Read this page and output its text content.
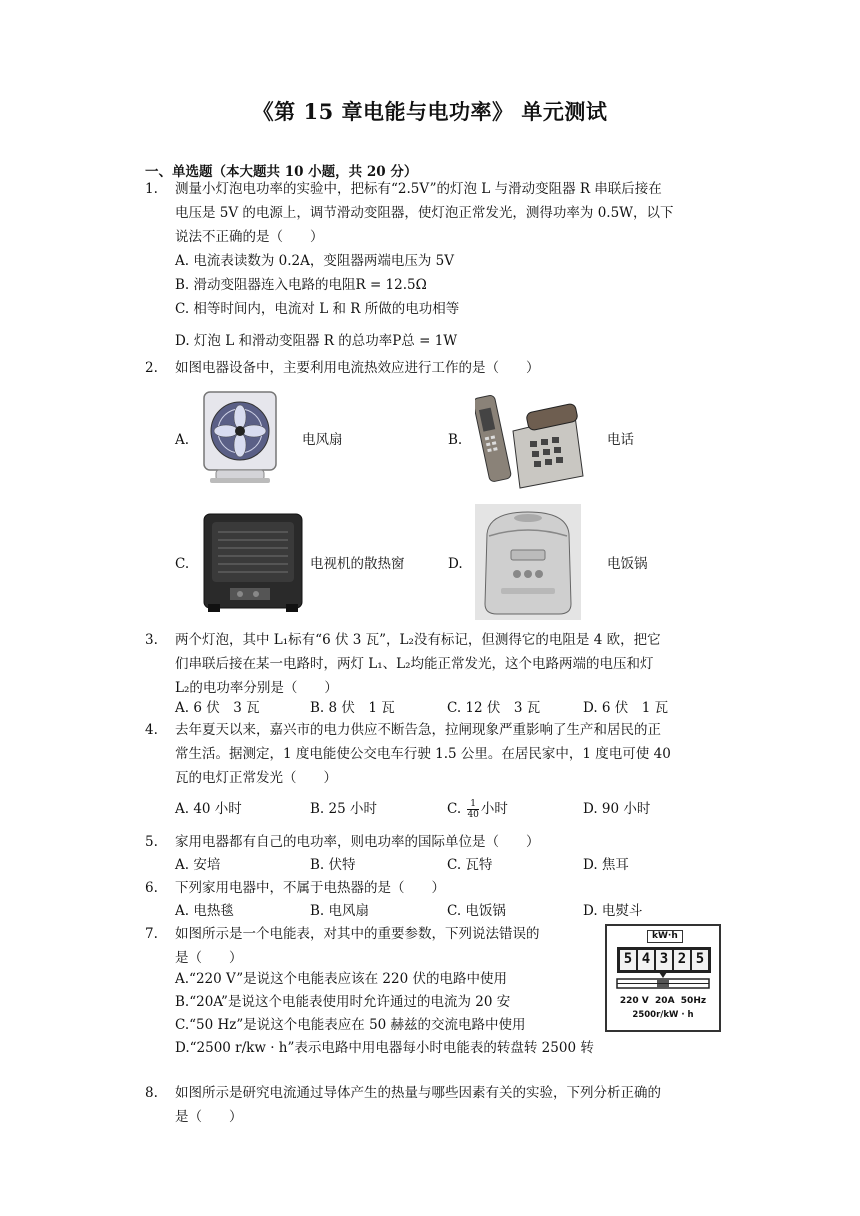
《第 15 章电能与电功率》 单元测试
一、单选题（本大题共 10 小题，共 20 分）
1. 测量小灯泡电功率的实验中，把标有“2.5V”的灯泡 L 与滑动变阻器 R 串联后接在
电压是 5V 的电源上，调节滑动变阻器，使灯泡正常发光，测得功率为 0.5W，以下
说法不正确的是（　　）
A. 电流表读数为 0.2A，变阻器两端电压为 5V
B. 滑动变阻器连入电路的电阻R = 12.5Ω
C. 相等时间内，电流对 L 和 R 所做的电功相等
D. 灯泡 L 和滑动变阻器 R 的总功率P总 = 1W
2. 如图电器设备中，主要利用电流热效应进行工作的是（　　）
A.	电风扇	B.	电话
C.	电视机的散热窗	D.	电饭锅
3. 两个灯泡，其中 L₁标有“6 伏 3 瓦”，L₂没有标记，但测得它的电阻是 4 欧，把它
们串联后接在某一电路时，两灯 L₁、L₂均能正常发光，这个电路两端的电压和灯
L₂的电功率分别是（　　）
A. 6 伏　3 瓦	B. 8 伏　1 瓦	C. 12 伏　3 瓦	D. 6 伏　1 瓦
4. 去年夏天以来，嘉兴市的电力供应不断告急，拉闸现象严重影响了生产和居民的正
常生活。据测定，1 度电能使公交电车行驶 1.5 公里。在居民家中，1 度电可使 40
瓦的电灯正常发光（　　）
A. 40 小时	B. 25 小时	C. $\frac{1}{40}$ 小时	D. 90 小时
5. 家用电器都有自己的电功率，则电功率的国际单位是（　　）
A. 安培	B. 伏特	C. 瓦特	D. 焦耳
6. 下列家用电器中，不属于电热器的是（　　）
A. 电热毯	B. 电风扇	C. 电饭锅	D. 电熨斗
7. 如图所示是一个电能表，对其中的重要参数，下列说法错误的
是（　　）
A.“220 V”是说这个电能表应该在 220 伏的电路中使用
B.“20A”是说这个电能表使用时允许通过的电流为 20 安
C.“50 Hz”是说这个电能表应在 50 赫兹的交流电路中使用
D.“2500 r/kw · h”表示电路中用电器每小时电能表的转盘转 2500 转
kW·h
5 4 3 2 5
220 V  20A  50Hz
2500r/kW · h
8. 如图所示是研究电流通过导体产生的热量与哪些因素有关的实验，下列分析正确的
是（　　）
